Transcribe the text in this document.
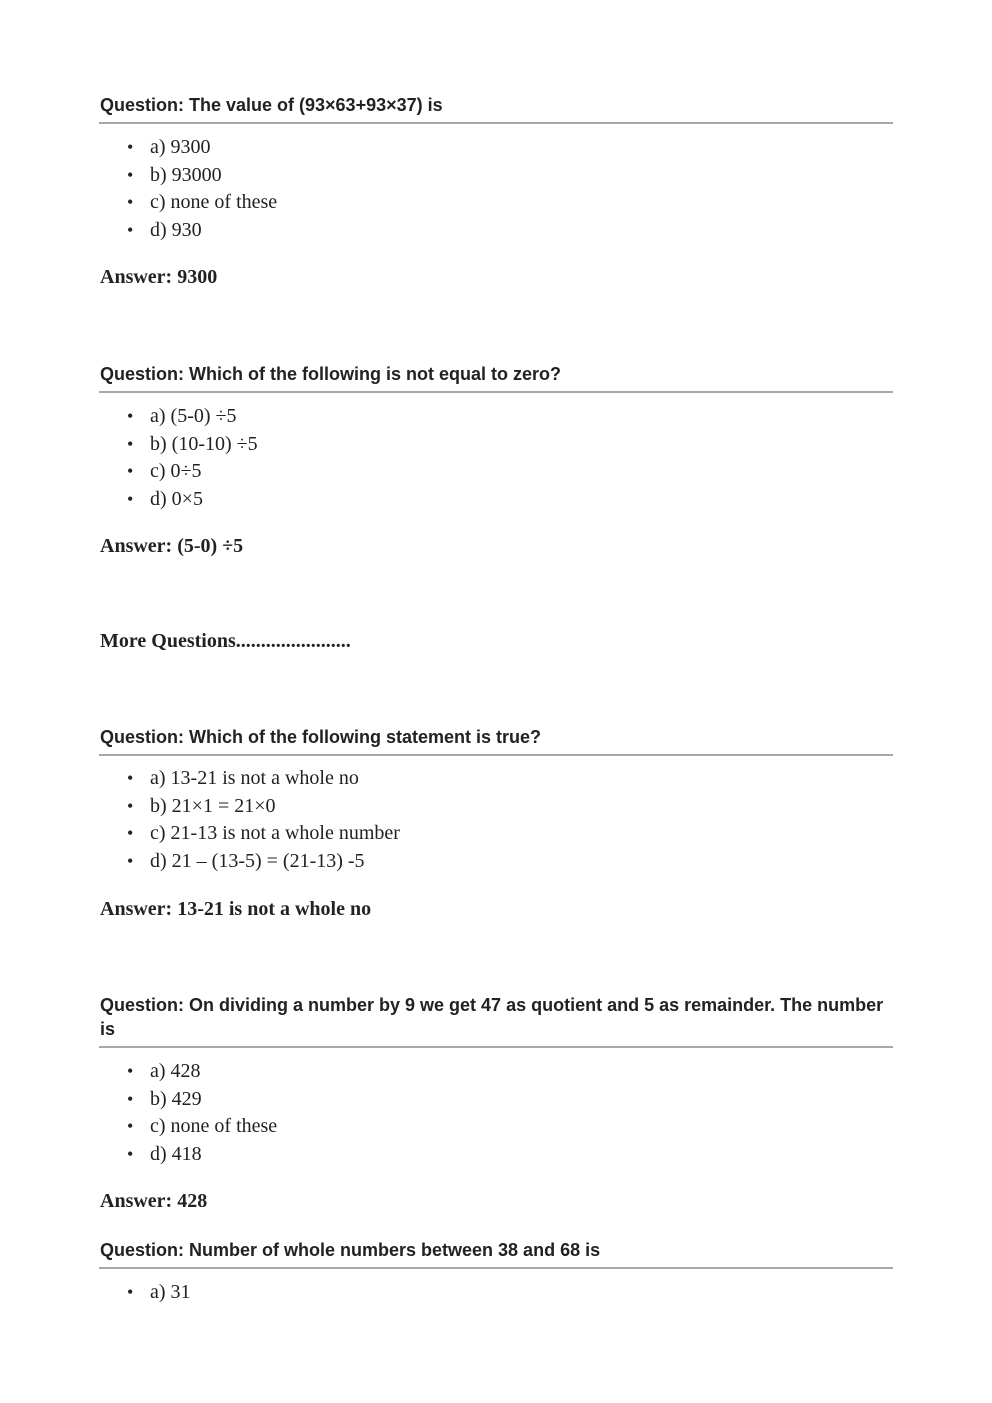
Question: The value of (93×63+93×37) is
• a) 9300
• b) 93000
• c) none of these
• d) 930

Answer: 9300

Question: Which of the following is not equal to zero?
• a) (5-0) ÷5
• b) (10-10) ÷5
• c) 0÷5
• d) 0×5

Answer: (5-0) ÷5

More Questions.......................
Question: Which of the following statement is true?
• a) 13-21 is not a whole no
• b) 21×1 = 21×0
• c) 21-13 is not a whole number
• d) 21 – (13-5) = (21-13) -5

Answer: 13-21 is not a whole no

Question: On dividing a number by 9 we get 47 as quotient and 5 as remainder. The number is
• a) 428
• b) 429
• c) none of these
• d) 418

Answer: 428

Question: Number of whole numbers between 38 and 68 is
• a) 31
